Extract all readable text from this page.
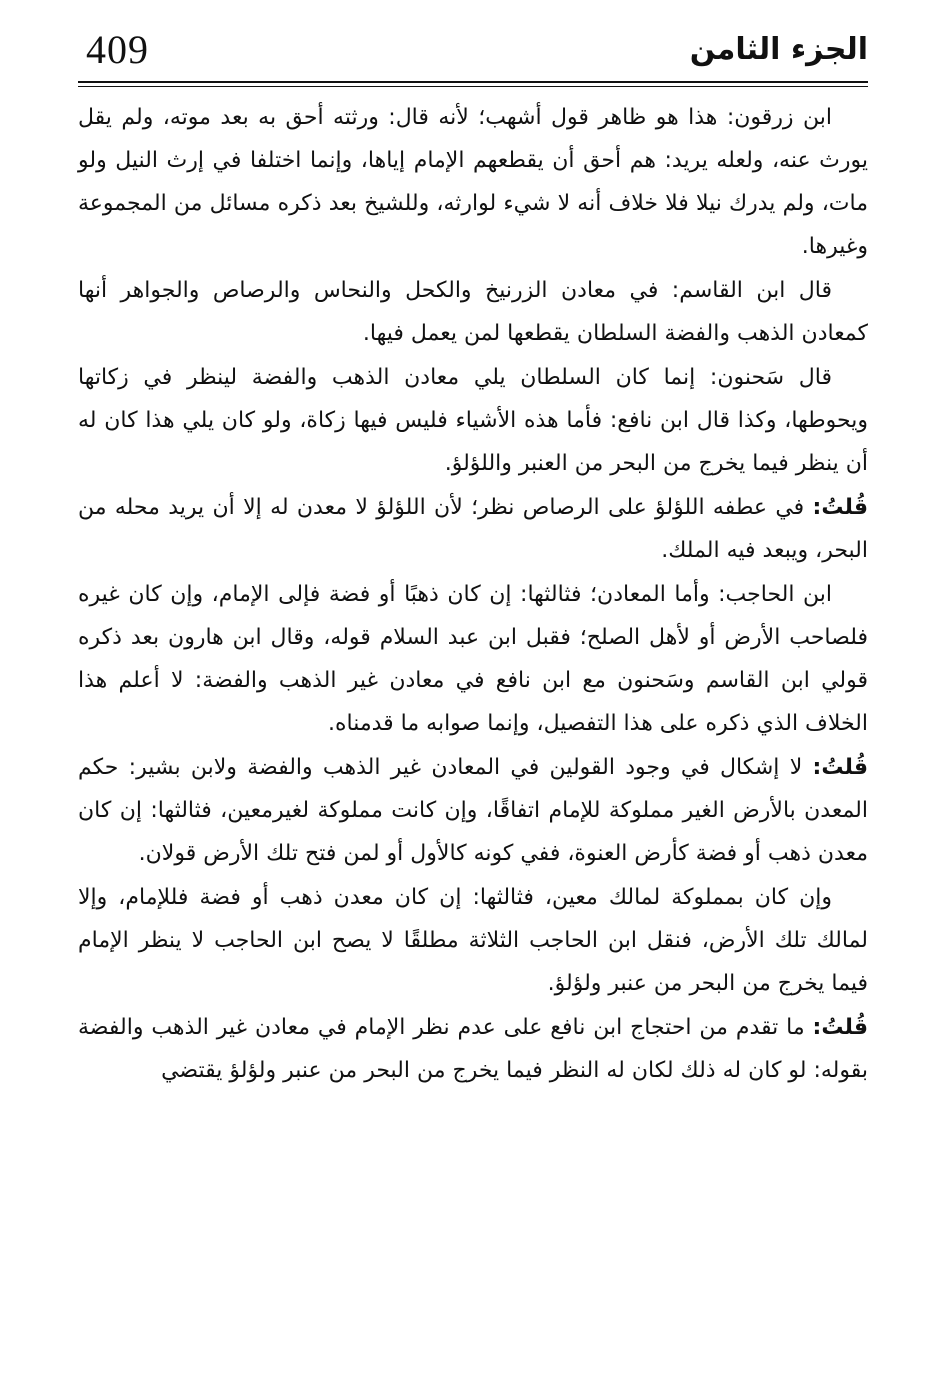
409	الجزء الثامن

ابن زرقون: هذا هو ظاهر قول أشهب؛ لأنه قال: ورثته أحق به بعد موته، ولم يقل يورث عنه، ولعله يريد: هم أحق أن يقطعهم الإمام إياها، وإنما اختلفا في إرث النيل ولو مات، ولم يدرك نيلا فلا خلاف أنه لا شيء لوارثه، وللشيخ بعد ذكره مسائل من المجموعة وغيرها.

قال ابن القاسم: في معادن الزرنيخ والكحل والنحاس والرصاص والجواهر أنها كمعادن الذهب والفضة السلطان يقطعها لمن يعمل فيها.

قال سَحنون: إنما كان السلطان يلي معادن الذهب والفضة لينظر في زكاتها ويحوطها، وكذا قال ابن نافع: فأما هذه الأشياء فليس فيها زكاة، ولو كان يلي هذا كان له أن ينظر فيما يخرج من البحر من العنبر واللؤلؤ.

قُلتُ: في عطفه اللؤلؤ على الرصاص نظر؛ لأن اللؤلؤ لا معدن له إلا أن يريد محله من البحر، ويبعد فيه الملك.

ابن الحاجب: وأما المعادن؛ فثالثها: إن كان ذهبًا أو فضة فإلى الإمام، وإن كان غيره فلصاحب الأرض أو لأهل الصلح؛ فقبل ابن عبد السلام قوله، وقال ابن هارون بعد ذكره قولي ابن القاسم وسَحنون مع ابن نافع في معادن غير الذهب والفضة: لا أعلم هذا الخلاف الذي ذكره على هذا التفصيل، وإنما صوابه ما قدمناه.

قُلتُ: لا إشكال في وجود القولين في المعادن غير الذهب والفضة ولابن بشير: حكم المعدن بالأرض الغير مملوكة للإمام اتفاقًا، وإن كانت مملوكة لغيرمعين، فثالثها: إن كان معدن ذهب أو فضة كأرض العنوة، ففي كونه كالأول أو لمن فتح تلك الأرض قولان.

وإن كان بمملوكة لمالك معين، فثالثها: إن كان معدن ذهب أو فضة فللإمام، وإلا لمالك تلك الأرض، فنقل ابن الحاجب الثلاثة مطلقًا لا يصح ابن الحاجب لا ينظر الإمام فيما يخرج من البحر من عنبر ولؤلؤ.

قُلتُ: ما تقدم من احتجاج ابن نافع على عدم نظر الإمام في معادن غير الذهب والفضة بقوله: لو كان له ذلك لكان له النظر فيما يخرج من البحر من عنبر ولؤلؤ يقتضي
